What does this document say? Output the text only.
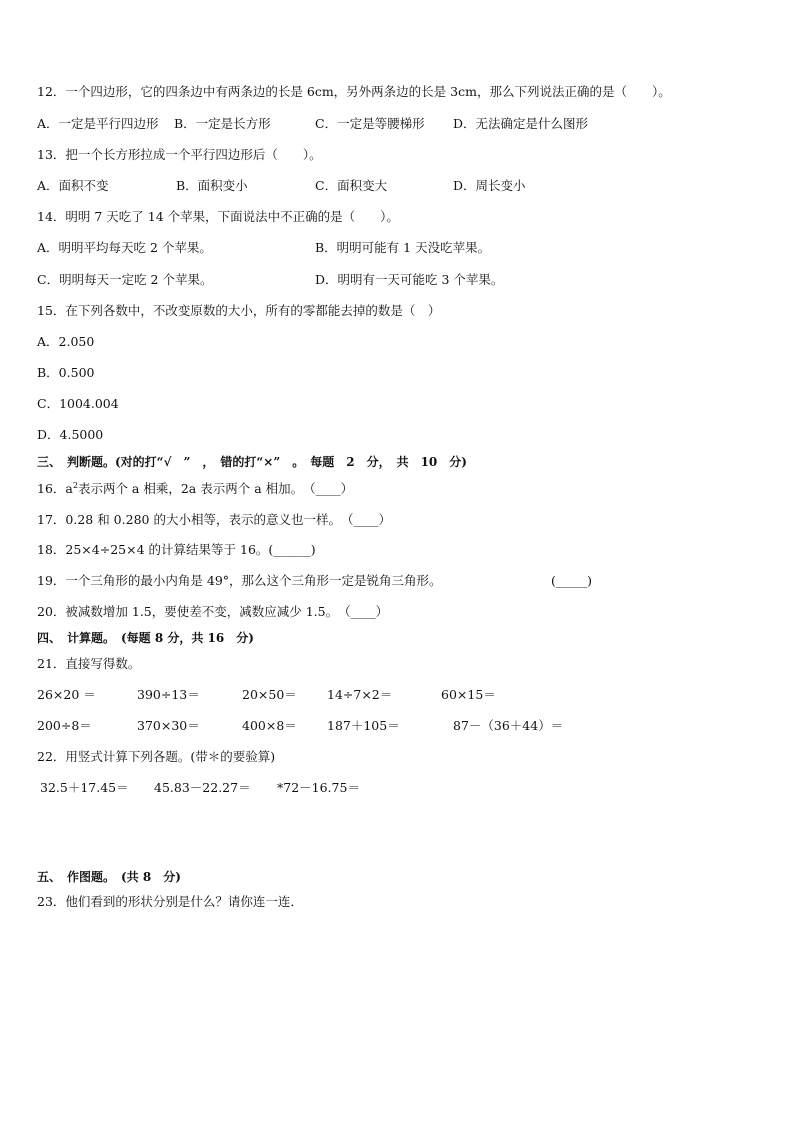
12．一个四边形，它的四条边中有两条边的长是 6cm，另外两条边的长是 3cm，那么下列说法正确的是（　　）。
A．一定是平行四边形 B．一定是长方形	C．一定是等腰梯形 D．无法确定是什么图形
13．把一个长方形拉成一个平行四边形后（　　）。
A．面积不变	B．面积变小	C．面积变大	D．周长变小
14．明明 7 天吃了 14 个苹果，下面说法中不正确的是（　　）。
A．明明平均每天吃 2 个苹果。	B．明明可能有 1 天没吃苹果。
C．明明每天一定吃 2 个苹果。	D．明明有一天可能吃 3 个苹果。
15．在下列各数中，不改变原数的大小，所有的零都能去掉的数是（　）
A．2.050
B．0.500
C．1004.004
D．4.5000
三、　判断题。(对的打“√　”　，　错的打“×”　。　每题　2　分，　共　10　分)
16．$a^2$表示两个 a 相乘，2a 表示两个 a 相加。　（____）
17．0.28 和 0.280 的大小相等，表示的意义也一样。　（____）
18．25×4÷25×4 的计算结果等于 16。(______)
19．一个三角形的最小内角是 49°，那么这个三角形一定是锐角三角形。	(_____)
20．被减数增加 1.5，要使差不变，减数应减少 1.5。　（____）
四、　计算题。　(每题 8 分，共 16　分)
21．直接写得数。
26×20 ＝	390÷13＝	20×50＝ 14÷7×2＝	60×15＝
200÷8＝	370×30＝	400×8＝ 187＋105＝	87－（36＋44）＝
22．用竖式计算下列各题。(带＊的要验算)
32.5＋17.45＝ 45.83－22.27＝ *72－16.75＝
五、　作图题。　(共 8　分)
23．他们看到的形状分别是什么？请你连一连．
